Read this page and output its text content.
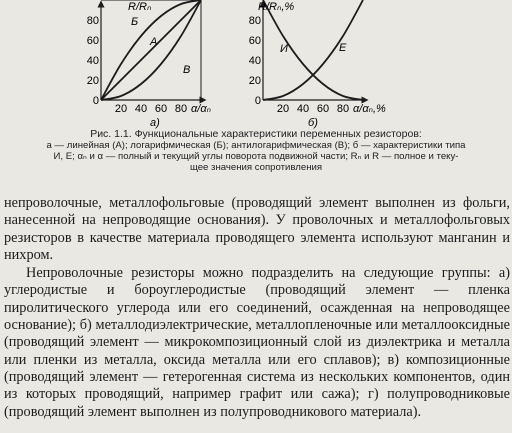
R/Rₙ
0
20
40
60
80
20 40 60 80 α/αₙ
a)
A
Б
B
R/Rₙ,%
0
20
40
60
80
20 40 60 80 α/αₙ,%
б)
И	E
Рис. 1.1. Функциональные характеристики переменных резисторов:
a — линейная (A); логарифмическая (Б); антилогарифмическая (B); б — характеристики типа
И, E; αₙ и α — полный и текущий углы поворота подвижной части; Rₙ и R — полное и теку-
щее значения сопротивления

непроволочные, металлофольговые (проводящий элемент выполнен из фольги, нанесенной на непроводящие основания). У проволочных и металлофольговых резисторов в качестве материала проводящего элемента используют манганин и нихром.

Непроволочные резисторы можно подразделить на следующие группы: а) углеродистые и бороуглеродистые (проводящий элемент — пленка пиролитического углерода или его соединений, осажденная на непроводящее основание); б) металлодиэлектрические, металлопленочные или металлооксидные (проводящий элемент — микрокомпозиционный слой из диэлектрика и металла или пленки из металла, оксида металла или его сплавов); в) композиционные (проводящий элемент — гетерогенная система из нескольких компонентов, один из которых проводящий, например графит или сажа); г) полупроводниковые (проводящий элемент выполнен из полупроводникового материала).
